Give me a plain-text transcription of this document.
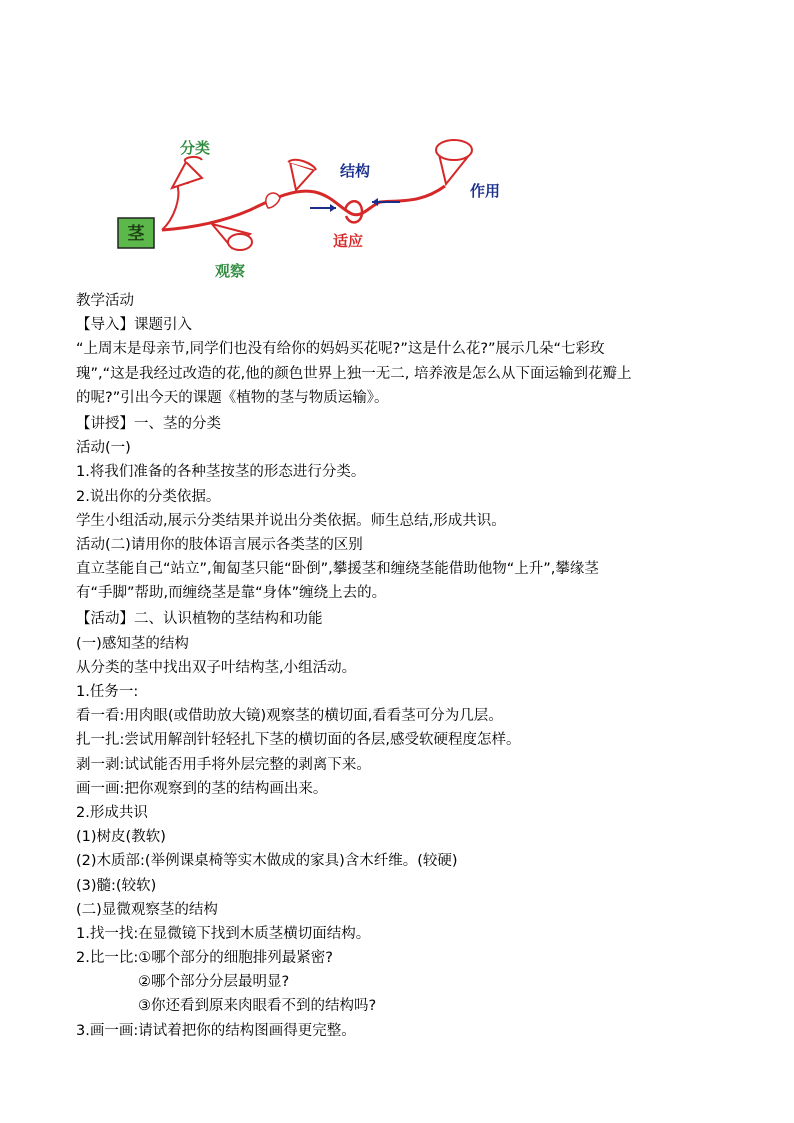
茎
分类
观察
结构
适应
作用
教学活动
【导入】课题引入
“上周末是母亲节,同学们也没有给你的妈妈买花呢?”这是什么花?”展示几朵“七彩玫
瑰”,“这是我经过改造的花,他的颜色世界上独一无二, 培养液是怎么从下面运输到花瓣上
的呢?”引出今天的课题《植物的茎与物质运输》。
【讲授】一、茎的分类
活动(一)
1.将我们准备的各种茎按茎的形态进行分类。
2.说出你的分类依据。
学生小组活动,展示分类结果并说出分类依据。师生总结,形成共识。
活动(二)请用你的肢体语言展示各类茎的区别
直立茎能自己“站立”,匍匐茎只能“卧倒”,攀援茎和缠绕茎能借助他物“上升”,攀缘茎
有“手脚”帮助,而缠绕茎是靠“身体”缠绕上去的。
【活动】二、认识植物的茎结构和功能
(一)感知茎的结构
从分类的茎中找出双子叶结构茎,小组活动。
1.任务一:
看一看:用肉眼(或借助放大镜)观察茎的横切面,看看茎可分为几层。
扎一扎:尝试用解剖针轻轻扎下茎的横切面的各层,感受软硬程度怎样。
剥一剥:试试能否用手将外层完整的剥离下来。
画一画:把你观察到的茎的结构画出来。
2.形成共识
(1)树皮(教软)
(2)木质部:(举例课桌椅等实木做成的家具)含木纤维。(较硬)
(3)髓:(较软)
(二)显微观察茎的结构
1.找一找:在显微镜下找到木质茎横切面结构。
2.比一比:①哪个部分的细胞排列最紧密?
②哪个部分分层最明显?
③你还看到原来肉眼看不到的结构吗?
3.画一画:请试着把你的结构图画得更完整。
